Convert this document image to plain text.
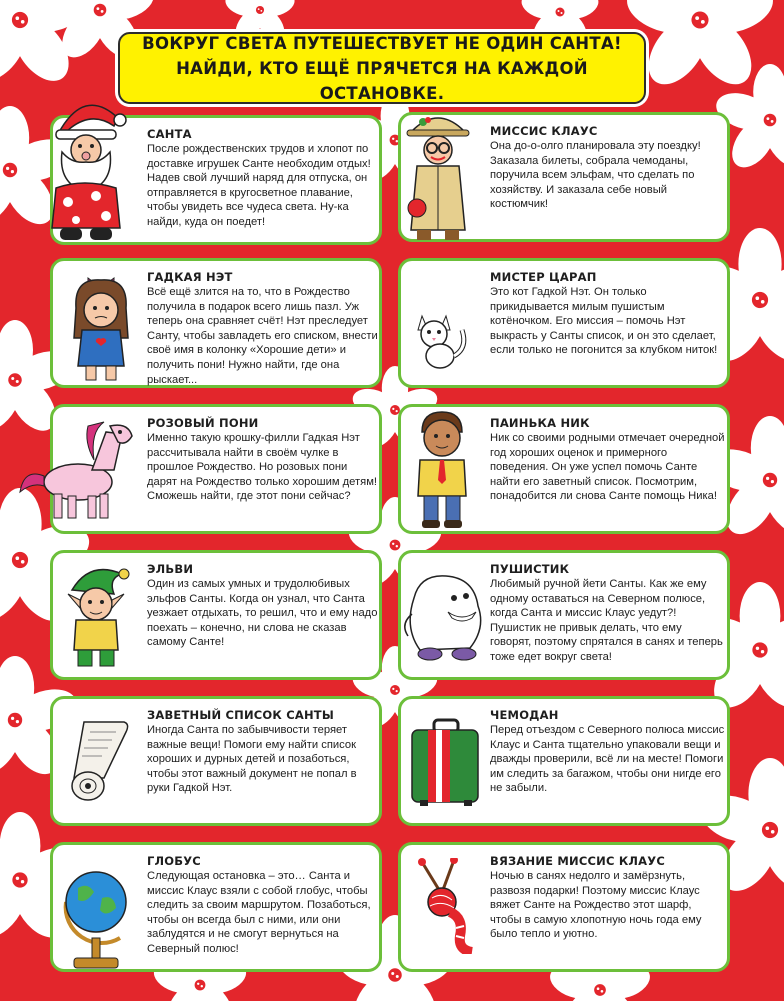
ВОКРУГ СВЕТА ПУТЕШЕСТВУЕТ НЕ ОДИН САНТА!
НАЙДИ, КТО ЕЩЁ ПРЯЧЕТСЯ НА КАЖДОЙ ОСТАНОВКЕ.
САНТА
После рождественских трудов и хлопот по доставке игрушек Санте необходим отдых! Надев свой лучший наряд для отпуска, он отправляется в кругосветное плавание, чтобы увидеть все чудеса света. Ну-ка найди, куда он поедет!
МИССИС КЛАУС
Она до-о-олго планировала эту поездку! Заказала билеты, собрала чемоданы, поручила всем эльфам, что сделать по хозяйству. И заказала себе новый костюмчик!
ГАДКАЯ НЭТ
Всё ещё злится на то, что в Рождество получила в подарок всего лишь пазл. Уж теперь она сравняет счёт! Нэт преследует Санту, чтобы завладеть его списком, внести своё имя в колонку «Хорошие дети» и получить пони! Нужно найти, где она рыскает...
МИСТЕР ЦАРАП
Это кот Гадкой Нэт. Он только прикидывается милым пушистым котёночком. Его миссия – помочь Нэт выкрасть у Санты список, и он это сделает, если только не погонится за клубком ниток!
РОЗОВЫЙ ПОНИ
Именно такую крошку-филли Гадкая Нэт рассчитывала найти в своём чулке в прошлое Рождество. Но розовых пони дарят на Рождество только хорошим детям! Сможешь найти, где этот пони сейчас?
ПАИНЬКА НИК
Ник со своими родными отмечает очередной год хороших оценок и примерного поведения. Он уже успел помочь Санте найти его заветный список. Посмотрим, понадобится ли снова Санте помощь Ника!
ЭЛЬВИ
Один из самых умных и трудолюбивых эльфов Санты. Когда он узнал, что Санта уезжает отдыхать, то решил, что и ему надо поехать – конечно, ни слова не сказав самому Санте!
ПУШИСТИК
Любимый ручной йети Санты. Как же ему одному оставаться на Северном полюсе, когда Санта и миссис Клаус уедут?! Пушистик не привык делать, что ему говорят, поэтому спрятался в санях и теперь тоже едет вокруг света!
ЗАВЕТНЫЙ СПИСОК САНТЫ
Иногда Санта по забывчивости теряет важные вещи! Помоги ему найти список хороших и дурных детей и позаботься, чтобы этот важный документ не попал в руки Гадкой Нэт.
ЧЕМОДАН
Перед отъездом с Северного полюса миссис Клаус и Санта тщательно упаковали вещи и дважды проверили, всё ли на месте! Помоги им следить за багажом, чтобы они нигде его не забыли.
ГЛОБУС
Следующая остановка – это… Санта и миссис Клаус взяли с собой глобус, чтобы следить за своим маршрутом. Позаботься, чтобы он всегда был с ними, или они заблудятся и не смогут вернуться на Северный полюс!
ВЯЗАНИЕ МИССИС КЛАУС
Ночью в санях недолго и замёрзнуть, развозя подарки! Поэтому миссис Клаус вяжет Санте на Рождество этот шарф, чтобы в самую хлопотную ночь года ему было тепло и уютно.
